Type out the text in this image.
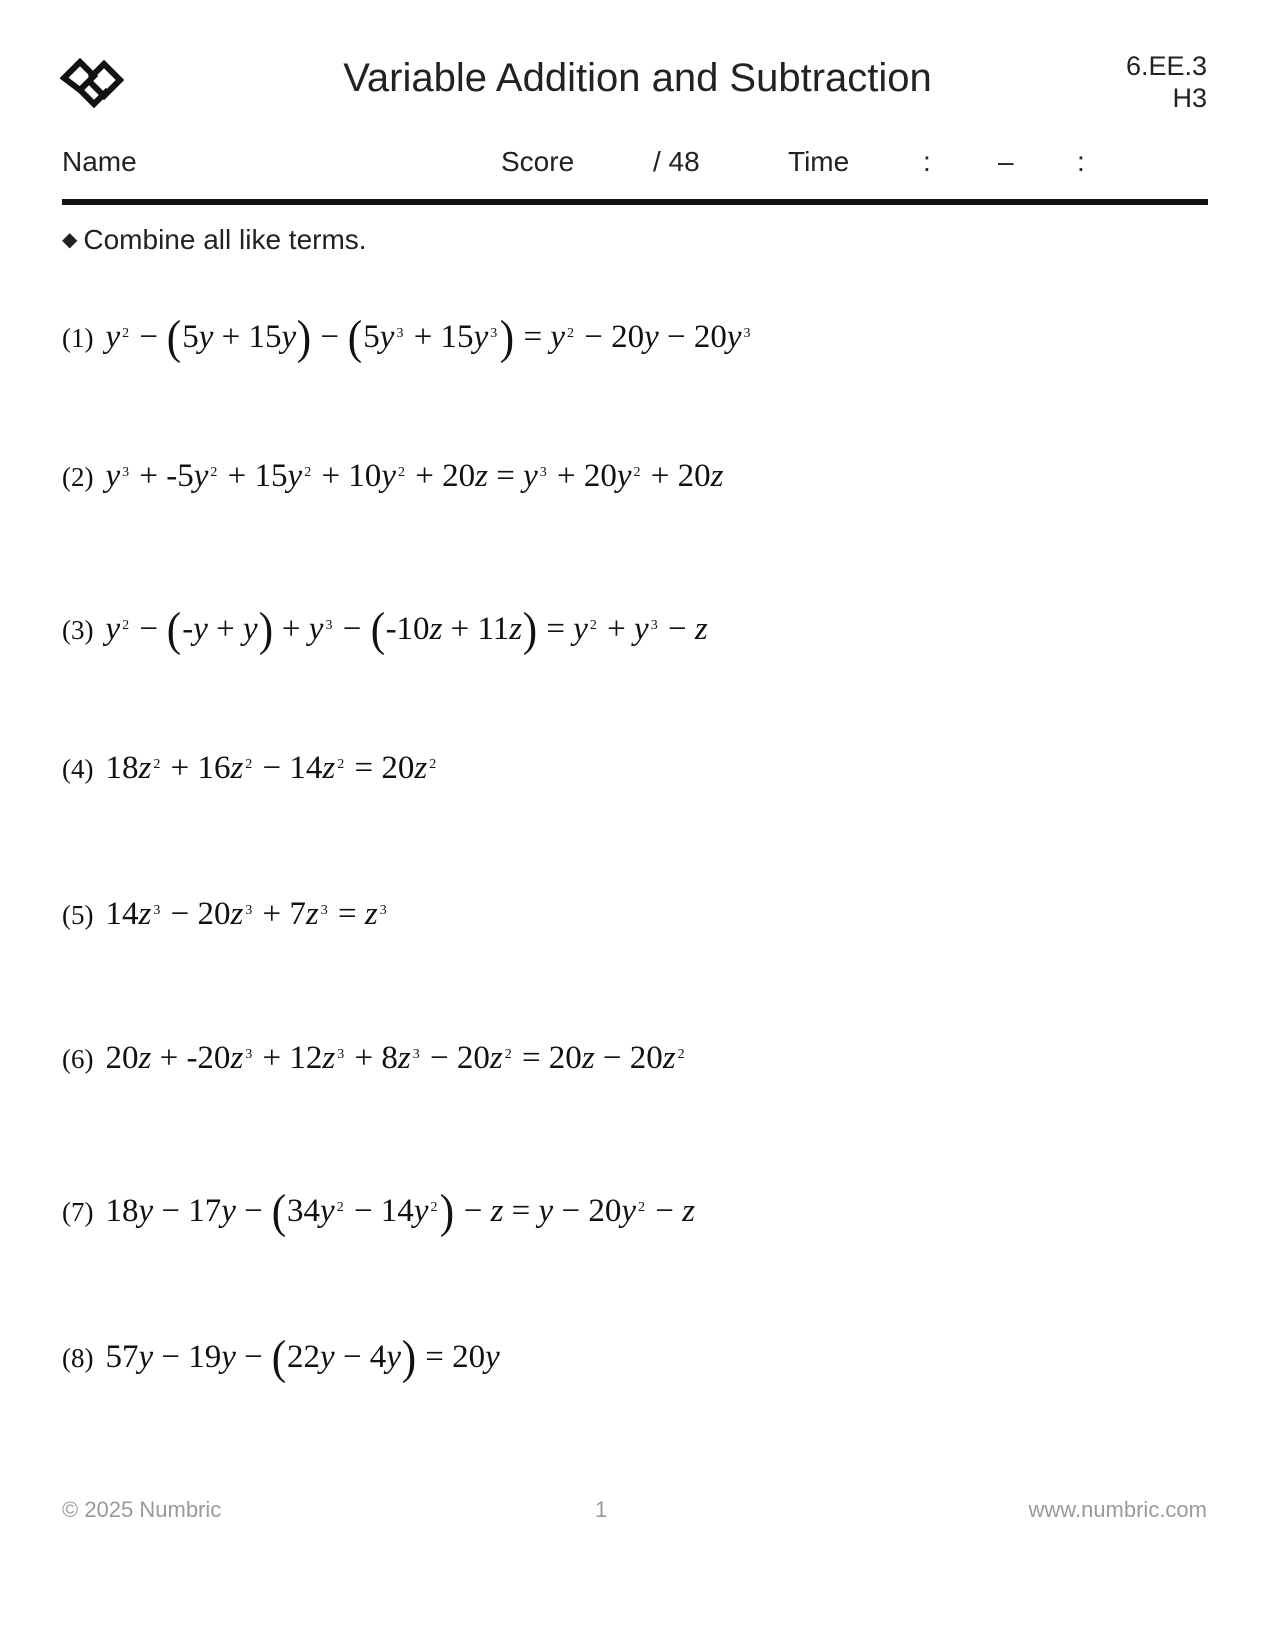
Variable Addition and Subtraction	6.EE.3
H3
Name	Score	/ 48	Time	: – :
◆ Combine all like terms.
(1) y $^2$ − (5y + 15y) − (5y $^3$ + 15y $^3$) = y $^2$ − 20y − 20y $^3$
(2) y $^3$ + -5y $^2$ + 15y $^2$ + 10y $^2$ + 20z = y $^3$ + 20y $^2$ + 20z
(3) y $^2$ − (-y + y) + y $^3$ − (-10z + 11z) = y $^2$ + y $^3$ − z
(4) 18z $^2$ + 16z $^2$ − 14z $^2$ = 20z $^2$
(5) 14z $^3$ − 20z $^3$ + 7z $^3$ = z $^3$
(6) 20z + -20z $^3$ + 12z $^3$ + 8z $^3$ − 20z $^2$ = 20z − 20z $^2$
(7) 18y − 17y − (34y $^2$ − 14y $^2$) − z = y − 20y $^2$ − z
(8) 57y − 19y − (22y − 4y) = 20y
© 2025 Numbric	1	www.numbric.com
